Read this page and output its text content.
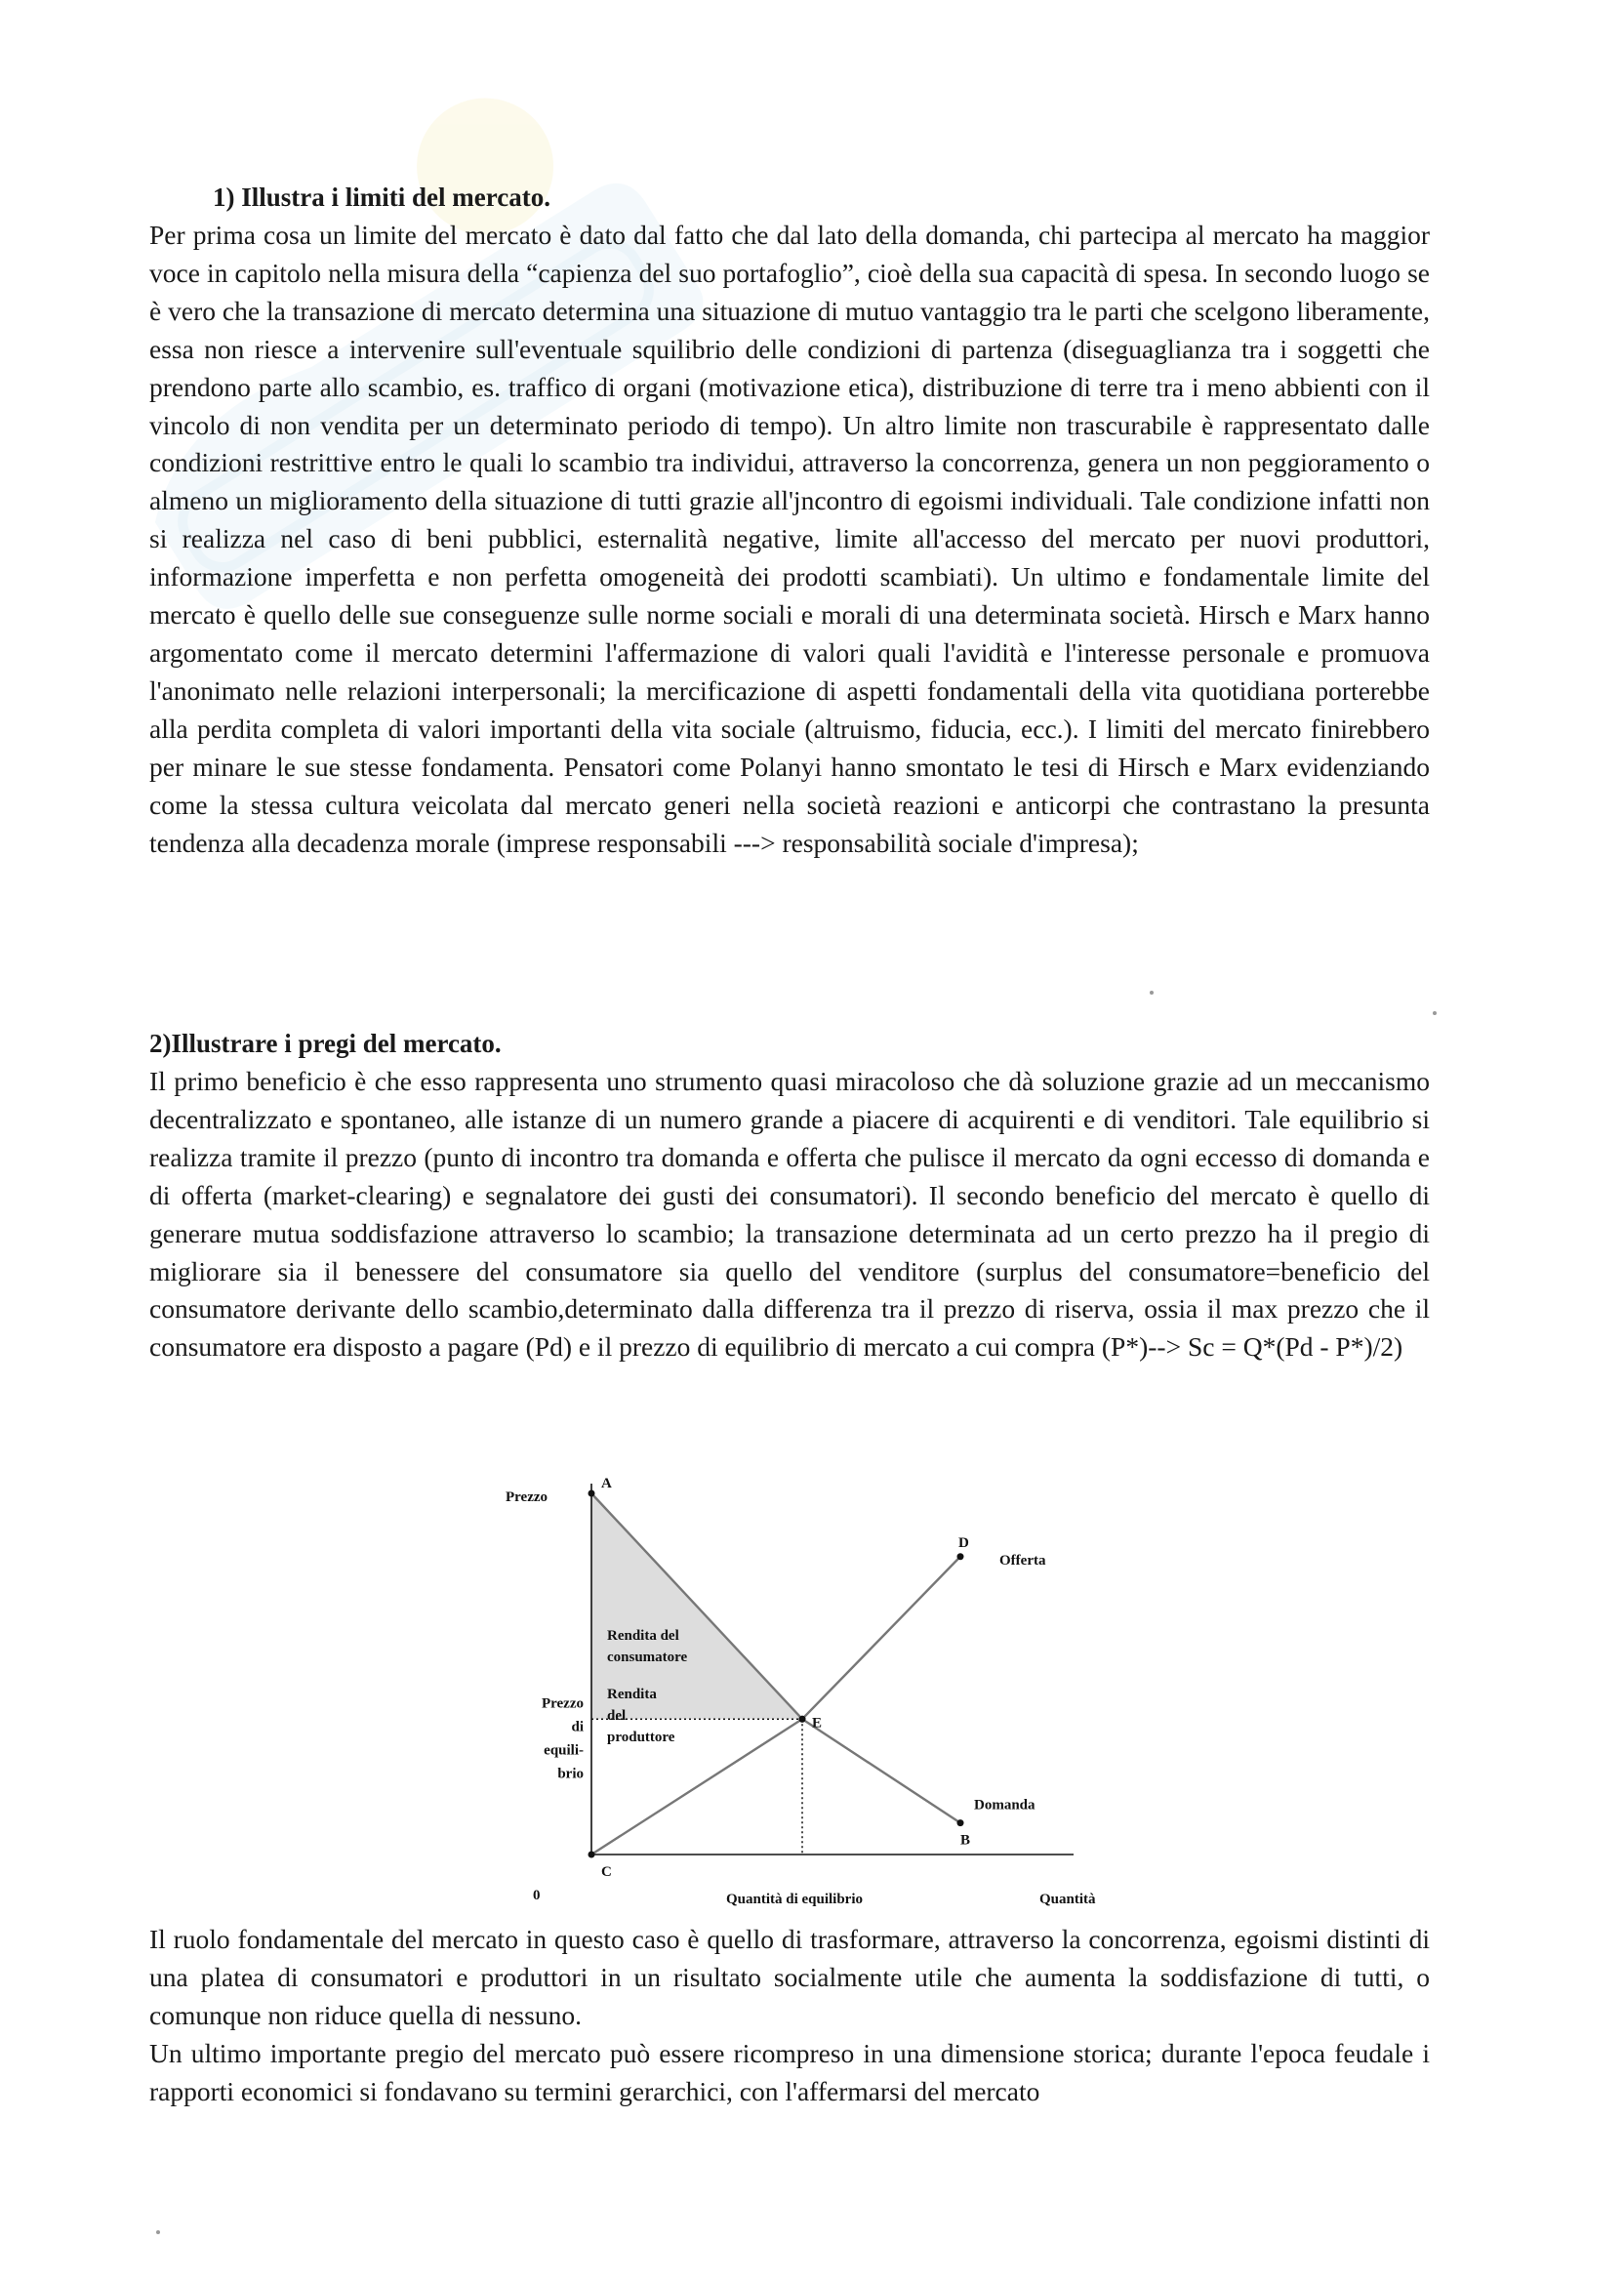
1) Illustra i limiti del mercato.

Per prima cosa un limite del mercato è dato dal fatto che dal lato della domanda, chi partecipa al mercato ha maggior voce in capitolo nella misura della “capienza del suo portafoglio”, cioè della sua capacità di spesa. In secondo luogo se è vero che la transazione di mercato determina una situazione di mutuo vantaggio tra le parti che scelgono liberamente, essa non riesce a intervenire sull'eventuale squilibrio delle condizioni di partenza (diseguaglianza tra i soggetti che prendono parte allo scambio, es. traffico di organi (motivazione etica), distribuzione di terre tra i meno abbienti con il vincolo di non vendita per un determinato periodo di tempo). Un altro limite non trascurabile è rappresentato dalle condizioni restrittive entro le quali lo scambio tra individui, attraverso la concorrenza, genera un non peggioramento o almeno un miglioramento della situazione di tutti grazie all'jncontro di egoismi individuali. Tale condizione infatti non si realizza nel caso di beni pubblici, esternalità negative, limite all'accesso del mercato per nuovi produttori, informazione imperfetta e non perfetta omogeneità dei prodotti scambiati). Un ultimo e fondamentale limite del mercato è quello delle sue conseguenze sulle norme sociali e morali di una determinata società. Hirsch e Marx hanno argomentato come il mercato determini l'affermazione di valori quali l'avidità e l'interesse personale e promuova l'anonimato nelle relazioni interpersonali; la mercificazione di aspetti fondamentali della vita quotidiana porterebbe alla perdita completa di valori importanti della vita sociale (altruismo, fiducia, ecc.). I limiti del mercato finirebbero per minare le sue stesse fondamenta. Pensatori come Polanyi hanno smontato le tesi di Hirsch e Marx evidenziando come la stessa cultura veicolata dal mercato generi nella società reazioni e anticorpi che contrastano la presunta tendenza alla decadenza morale (imprese responsabili ---> responsabilità sociale d'impresa);

2)Illustrare i pregi del mercato.

Il primo beneficio è che esso rappresenta uno strumento quasi miracoloso che dà soluzione grazie ad un meccanismo decentralizzato e spontaneo, alle istanze di un numero grande a piacere di acquirenti e di venditori. Tale equilibrio si realizza tramite il prezzo (punto di incontro tra domanda e offerta che pulisce il mercato da ogni eccesso di domanda e di offerta (market-clearing) e segnalatore dei gusti dei consumatori). Il secondo beneficio del mercato è quello di generare mutua soddisfazione attraverso lo scambio; la transazione determinata ad un certo prezzo ha il pregio di migliorare sia il benessere del consumatore sia quello del venditore (surplus del consumatore=beneficio del consumatore derivante dello scambio,determinato dalla differenza tra il prezzo di riserva, ossia il max prezzo che il consumatore era disposto a pagare (Pd) e il prezzo di equilibrio di mercato a cui compra (P*)--> Sc = Q*(Pd - P*)/2)

C
E
D
A
B
Offerta
Domanda
Prezzo
Quantità
Quantità di equilibrio
0
Prezzo
di
equili-
brio
Rendita del
consumatore
Rendita
del
produttore

Il ruolo fondamentale del mercato in questo caso è quello di trasformare, attraverso la concorrenza, egoismi distinti di una platea di consumatori e produttori in un risultato socialmente utile che aumenta la soddisfazione di tutti, o comunque non riduce quella di nessuno.

Un ultimo importante pregio del mercato può essere ricompreso in una dimensione storica; durante l'epoca feudale i rapporti economici si fondavano su termini gerarchici, con l'affermarsi del mercato
